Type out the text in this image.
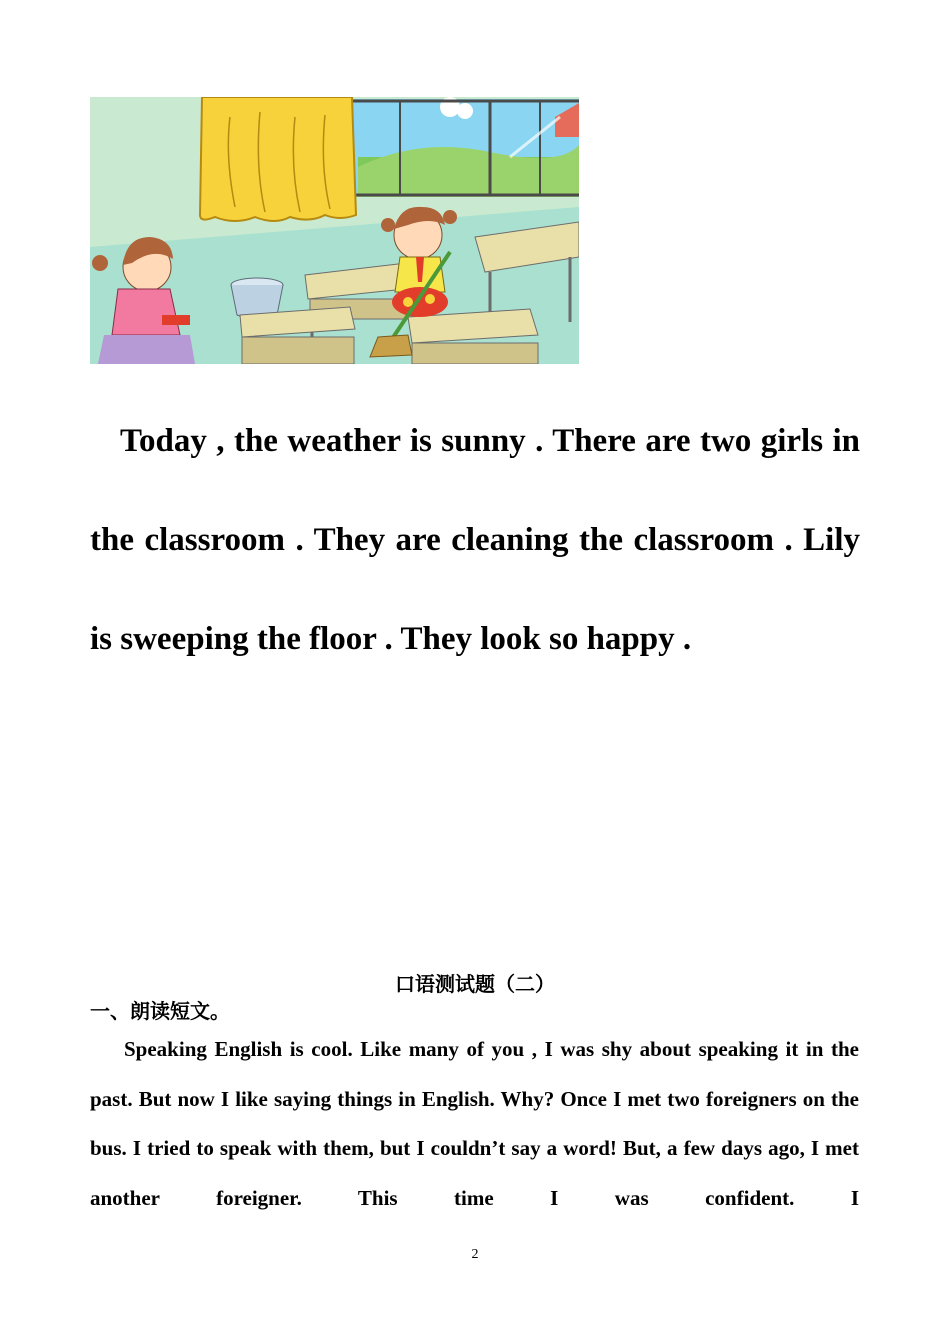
Today , the weather is sunny . There are two girls in the classroom . They are cleaning the classroom . Lily is sweeping the floor . They look so happy .
口语测试题（二）
一、朗读短文。
Speaking English is cool. Like many of you , I was shy about speaking it in the past. But now I like saying things in English. Why? Once I met two foreigners on the bus. I tried to speak with them, but I couldn’t say a word! But, a few days ago, I met another foreigner. This time I was confident. I
2
